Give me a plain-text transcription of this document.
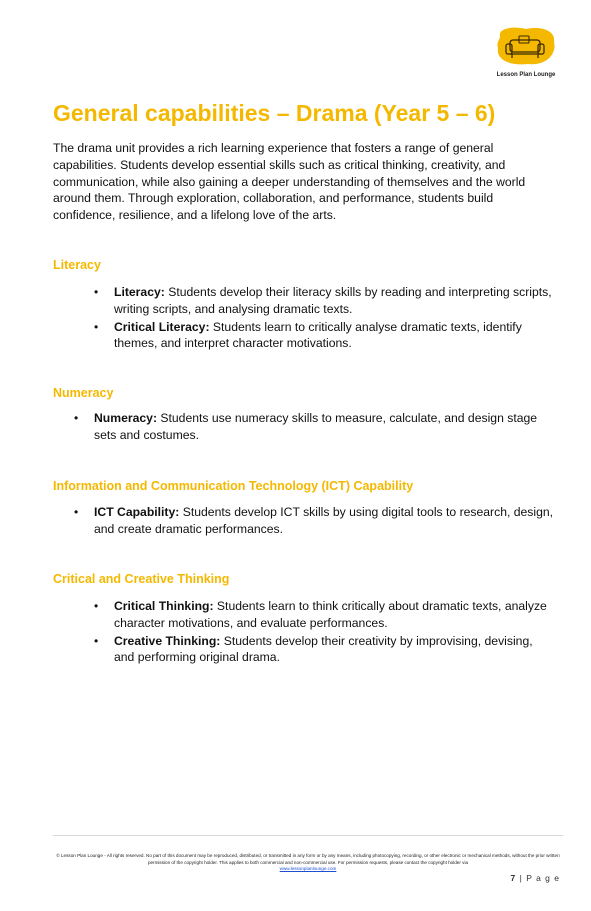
Lesson Plan Lounge
General capabilities – Drama (Year 5 – 6)

The drama unit provides a rich learning experience that fosters a range of general capabilities. Students develop essential skills such as critical thinking, creativity, and communication, while also gaining a deeper understanding of themselves and the world around them. Through exploration, collaboration, and performance, students build confidence, resilience, and a lifelong love of the arts.

Literacy
• Literacy: Students develop their literacy skills by reading and interpreting scripts, writing scripts, and analysing dramatic texts.
• Critical Literacy: Students learn to critically analyse dramatic texts, identify themes, and interpret character motivations.
Numeracy
• Numeracy: Students use numeracy skills to measure, calculate, and design stage sets and costumes.
Information and Communication Technology (ICT) Capability
• ICT Capability: Students develop ICT skills by using digital tools to research, design, and create dramatic performances.
Critical and Creative Thinking
• Critical Thinking: Students learn to think critically about dramatic texts, analyze character motivations, and evaluate performances.
• Creative Thinking: Students develop their creativity by improvising, devising, and performing original drama.
© Lesson Plan Lounge - All rights reserved. No part of this document may be reproduced, distributed, or transmitted in any form or by any means, including photocopying, recording, or other electronic or mechanical methods, without the prior written permission of the copyright holder. This applies to both commercial and non-commercial use. For permission requests, please contact the copyright holder via
www.lessonplanlounge.com
7 | P a g e
